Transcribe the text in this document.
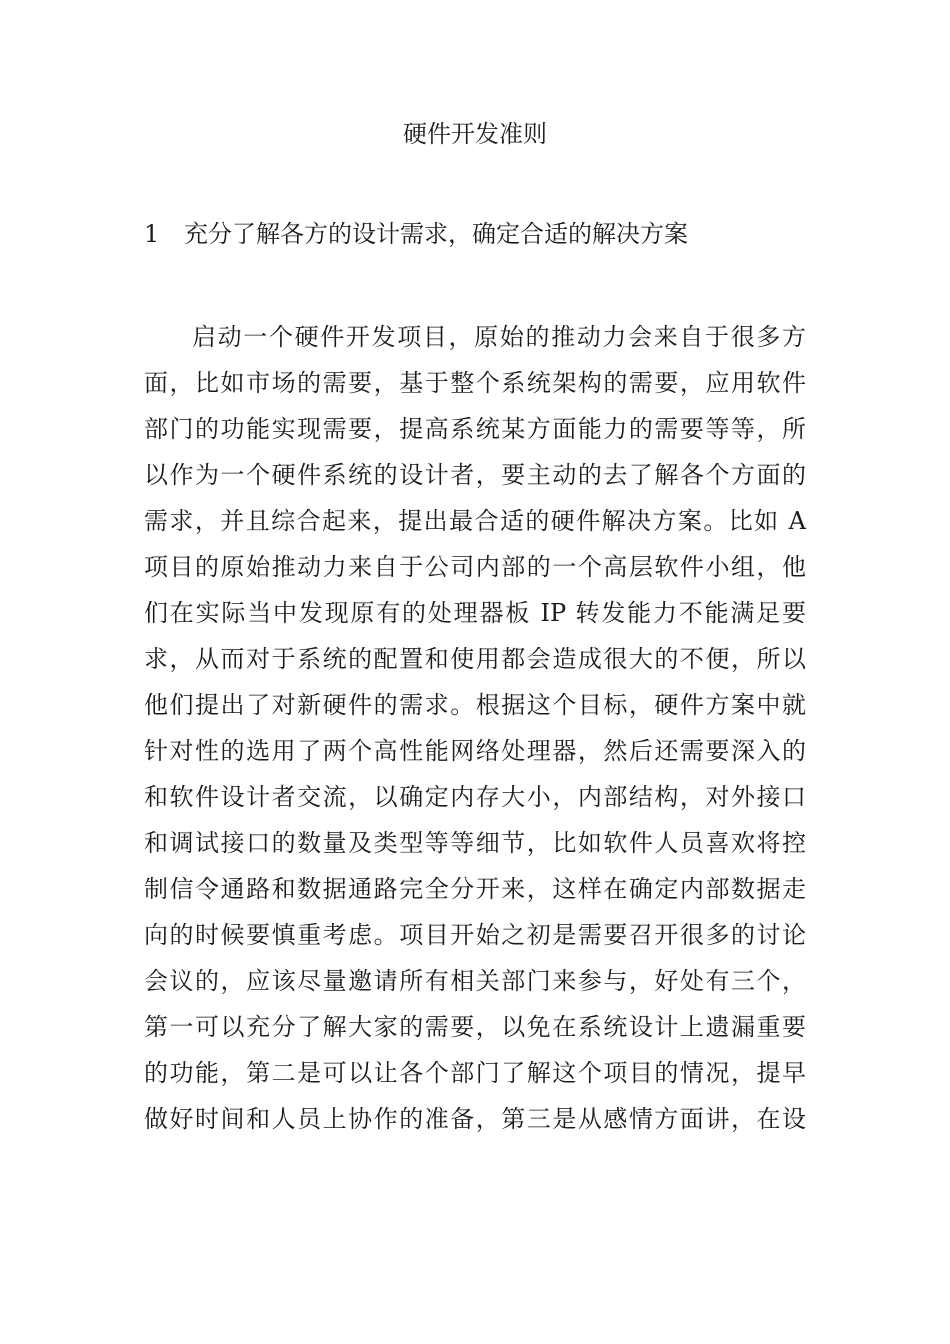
硬件开发准则
1 充分了解各方的设计需求，确定合适的解决方案
启动一个硬件开发项目，原始的推动力会来自于很多方
面，比如市场的需要，基于整个系统架构的需要，应用软件
部门的功能实现需要，提高系统某方面能力的需要等等，所
以作为一个硬件系统的设计者，要主动的去了解各个方面的
需求，并且综合起来，提出最合适的硬件解决方案。比如 A
项目的原始推动力来自于公司内部的一个高层软件小组，他
们在实际当中发现原有的处理器板 IP 转发能力不能满足要
求，从而对于系统的配置和使用都会造成很大的不便，所以
他们提出了对新硬件的需求。根据这个目标，硬件方案中就
针对性的选用了两个高性能网络处理器，然后还需要深入的
和软件设计者交流，以确定内存大小，内部结构，对外接口
和调试接口的数量及类型等等细节，比如软件人员喜欢将控
制信令通路和数据通路完全分开来，这样在确定内部数据走
向的时候要慎重考虑。项目开始之初是需要召开很多的讨论
会议的，应该尽量邀请所有相关部门来参与，好处有三个，
第一可以充分了解大家的需要，以免在系统设计上遗漏重要
的功能，第二是可以让各个部门了解这个项目的情况，提早
做好时间和人员上协作的准备，第三是从感情方面讲，在设
